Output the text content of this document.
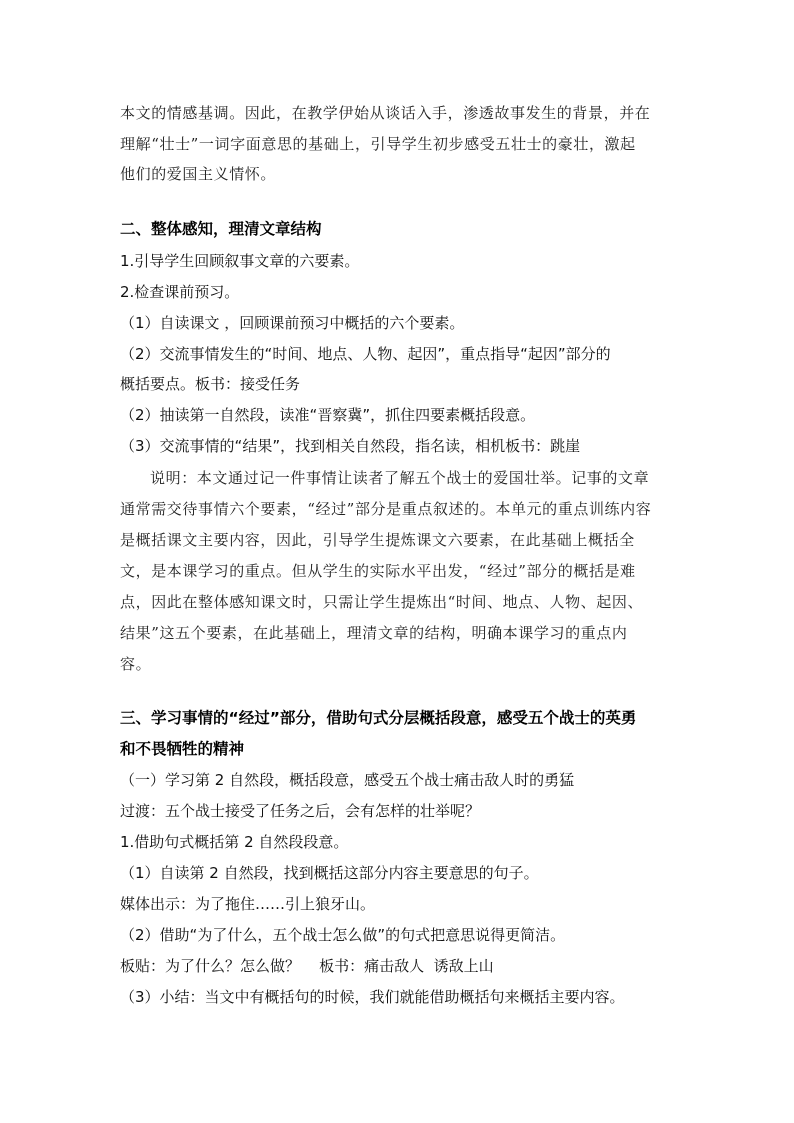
本文的情感基调。因此，在教学伊始从谈话入手，渗透故事发生的背景，并在
理解“壮士”一词字面意思的基础上，引导学生初步感受五壮士的豪壮，激起
他们的爱国主义情怀。
二、整体感知，理清文章结构
1.引导学生回顾叙事文章的六要素。
2.检查课前预习。
（1）自读课文 ，回顾课前预习中概括的六个要素。
（2）交流事情发生的“时间、地点、人物、起因”，重点指导“起因”部分的
概括要点。板书：接受任务
（2）抽读第一自然段，读准“晋察冀”，抓住四要素概括段意。
（3）交流事情的“结果”，找到相关自然段，指名读，相机板书：跳崖
说明：本文通过记一件事情让读者了解五个战士的爱国壮举。记事的文章
通常需交待事情六个要素，“经过”部分是重点叙述的。本单元的重点训练内容
是概括课文主要内容，因此，引导学生提炼课文六要素，在此基础上概括全
文，是本课学习的重点。但从学生的实际水平出发，“经过”部分的概括是难
点，因此在整体感知课文时，只需让学生提炼出“时间、地点、人物、起因、
结果”这五个要素，在此基础上，理清文章的结构，明确本课学习的重点内
容。
三、学习事情的“经过”部分，借助句式分层概括段意，感受五个战士的英勇
和不畏牺牲的精神
（一）学习第 2 自然段，概括段意，感受五个战士痛击敌人时的勇猛
过渡：五个战士接受了任务之后，会有怎样的壮举呢？
1.借助句式概括第 2 自然段段意。
（1）自读第 2 自然段，找到概括这部分内容主要意思的句子。
媒体出示：为了拖住……引上狼牙山。
（2）借助“为了什么，五个战士怎么做”的句式把意思说得更简洁。
板贴：为了什么？怎么做？    板书：痛击敌人  诱敌上山
（3）小结：当文中有概括句的时候，我们就能借助概括句来概括主要内容。
